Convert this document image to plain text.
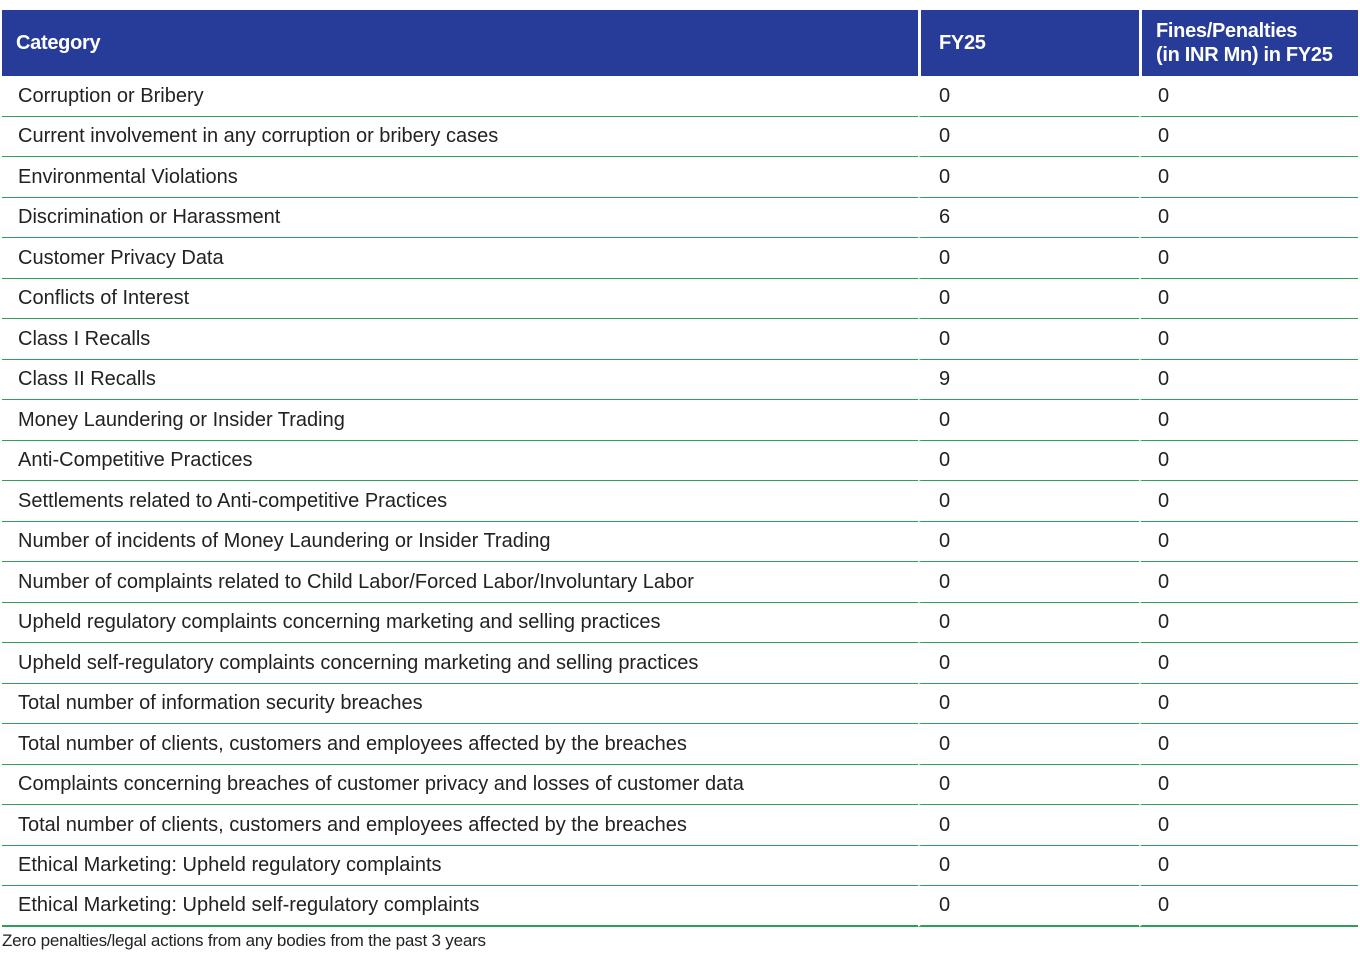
Category	FY25	Fines/Penalties
(in INR Mn) in FY25
Corruption or Bribery	0	0
Current involvement in any corruption or bribery cases	0	0
Environmental Violations	0	0
Discrimination or Harassment	6	0
Customer Privacy Data	0	0
Conflicts of Interest	0	0
Class I Recalls	0	0
Class II Recalls	9	0
Money Laundering or Insider Trading	0	0
Anti-Competitive Practices	0	0
Settlements related to Anti-competitive Practices	0	0
Number of incidents of Money Laundering or Insider Trading	0	0
Number of complaints related to Child Labor/Forced Labor/Involuntary Labor	0	0
Upheld regulatory complaints concerning marketing and selling practices	0	0
Upheld self-regulatory complaints concerning marketing and selling practices	0	0
Total number of information security breaches	0	0
Total number of clients, customers and employees affected by the breaches	0	0
Complaints concerning breaches of customer privacy and losses of customer data	0	0
Total number of clients, customers and employees affected by the breaches	0	0
Ethical Marketing: Upheld regulatory complaints	0	0
Ethical Marketing: Upheld self-regulatory complaints	0	0
Zero penalties/legal actions from any bodies from the past 3 years
